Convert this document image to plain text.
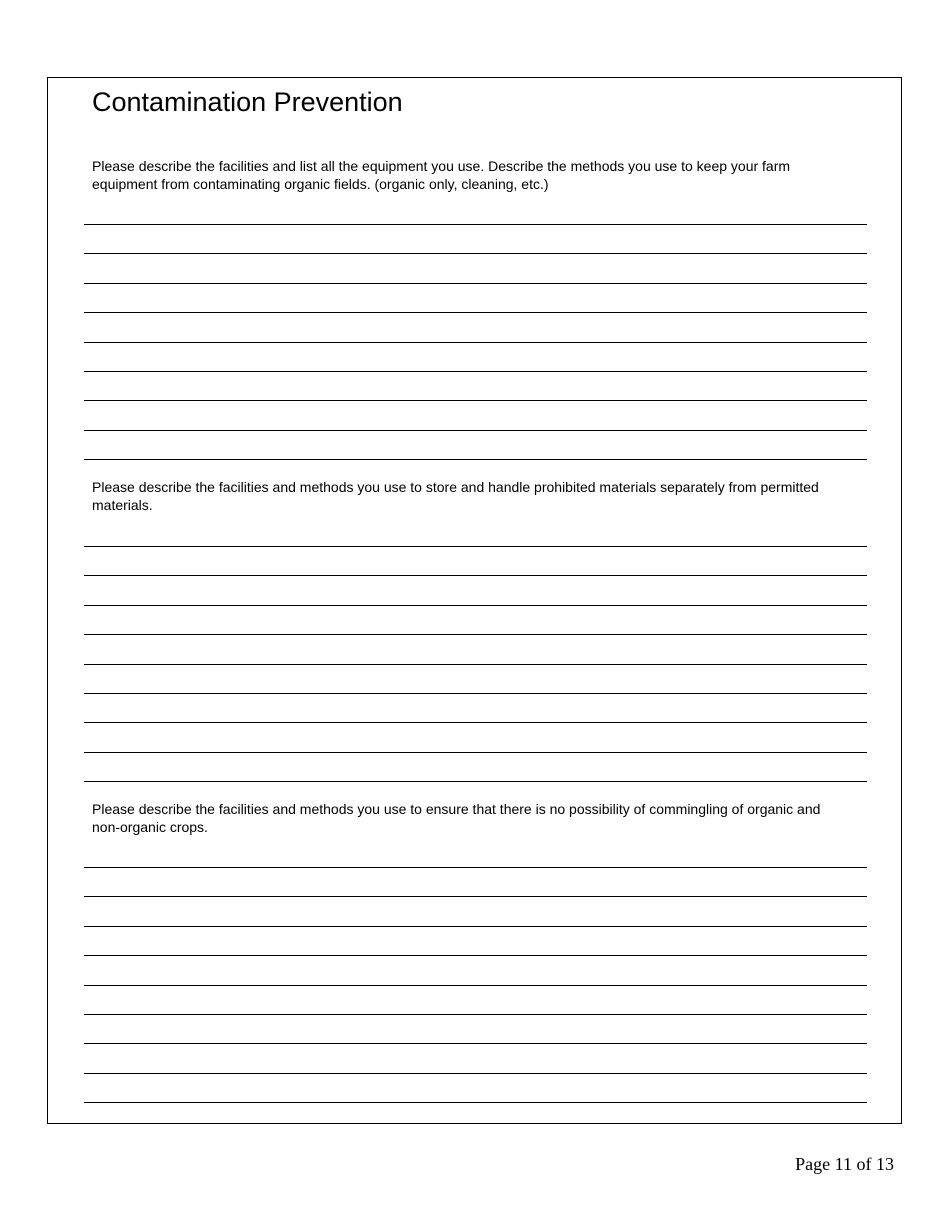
Contamination Prevention

Please describe the facilities and list all the equipment you use. Describe the methods you use to keep your farm equipment from contaminating organic fields. (organic only, cleaning, etc.)

Please describe the facilities and methods you use to store and handle prohibited materials separately from permitted materials.

Please describe the facilities and methods you use to ensure that there is no possibility of commingling of organic and non-organic crops.

Page 11 of 13
